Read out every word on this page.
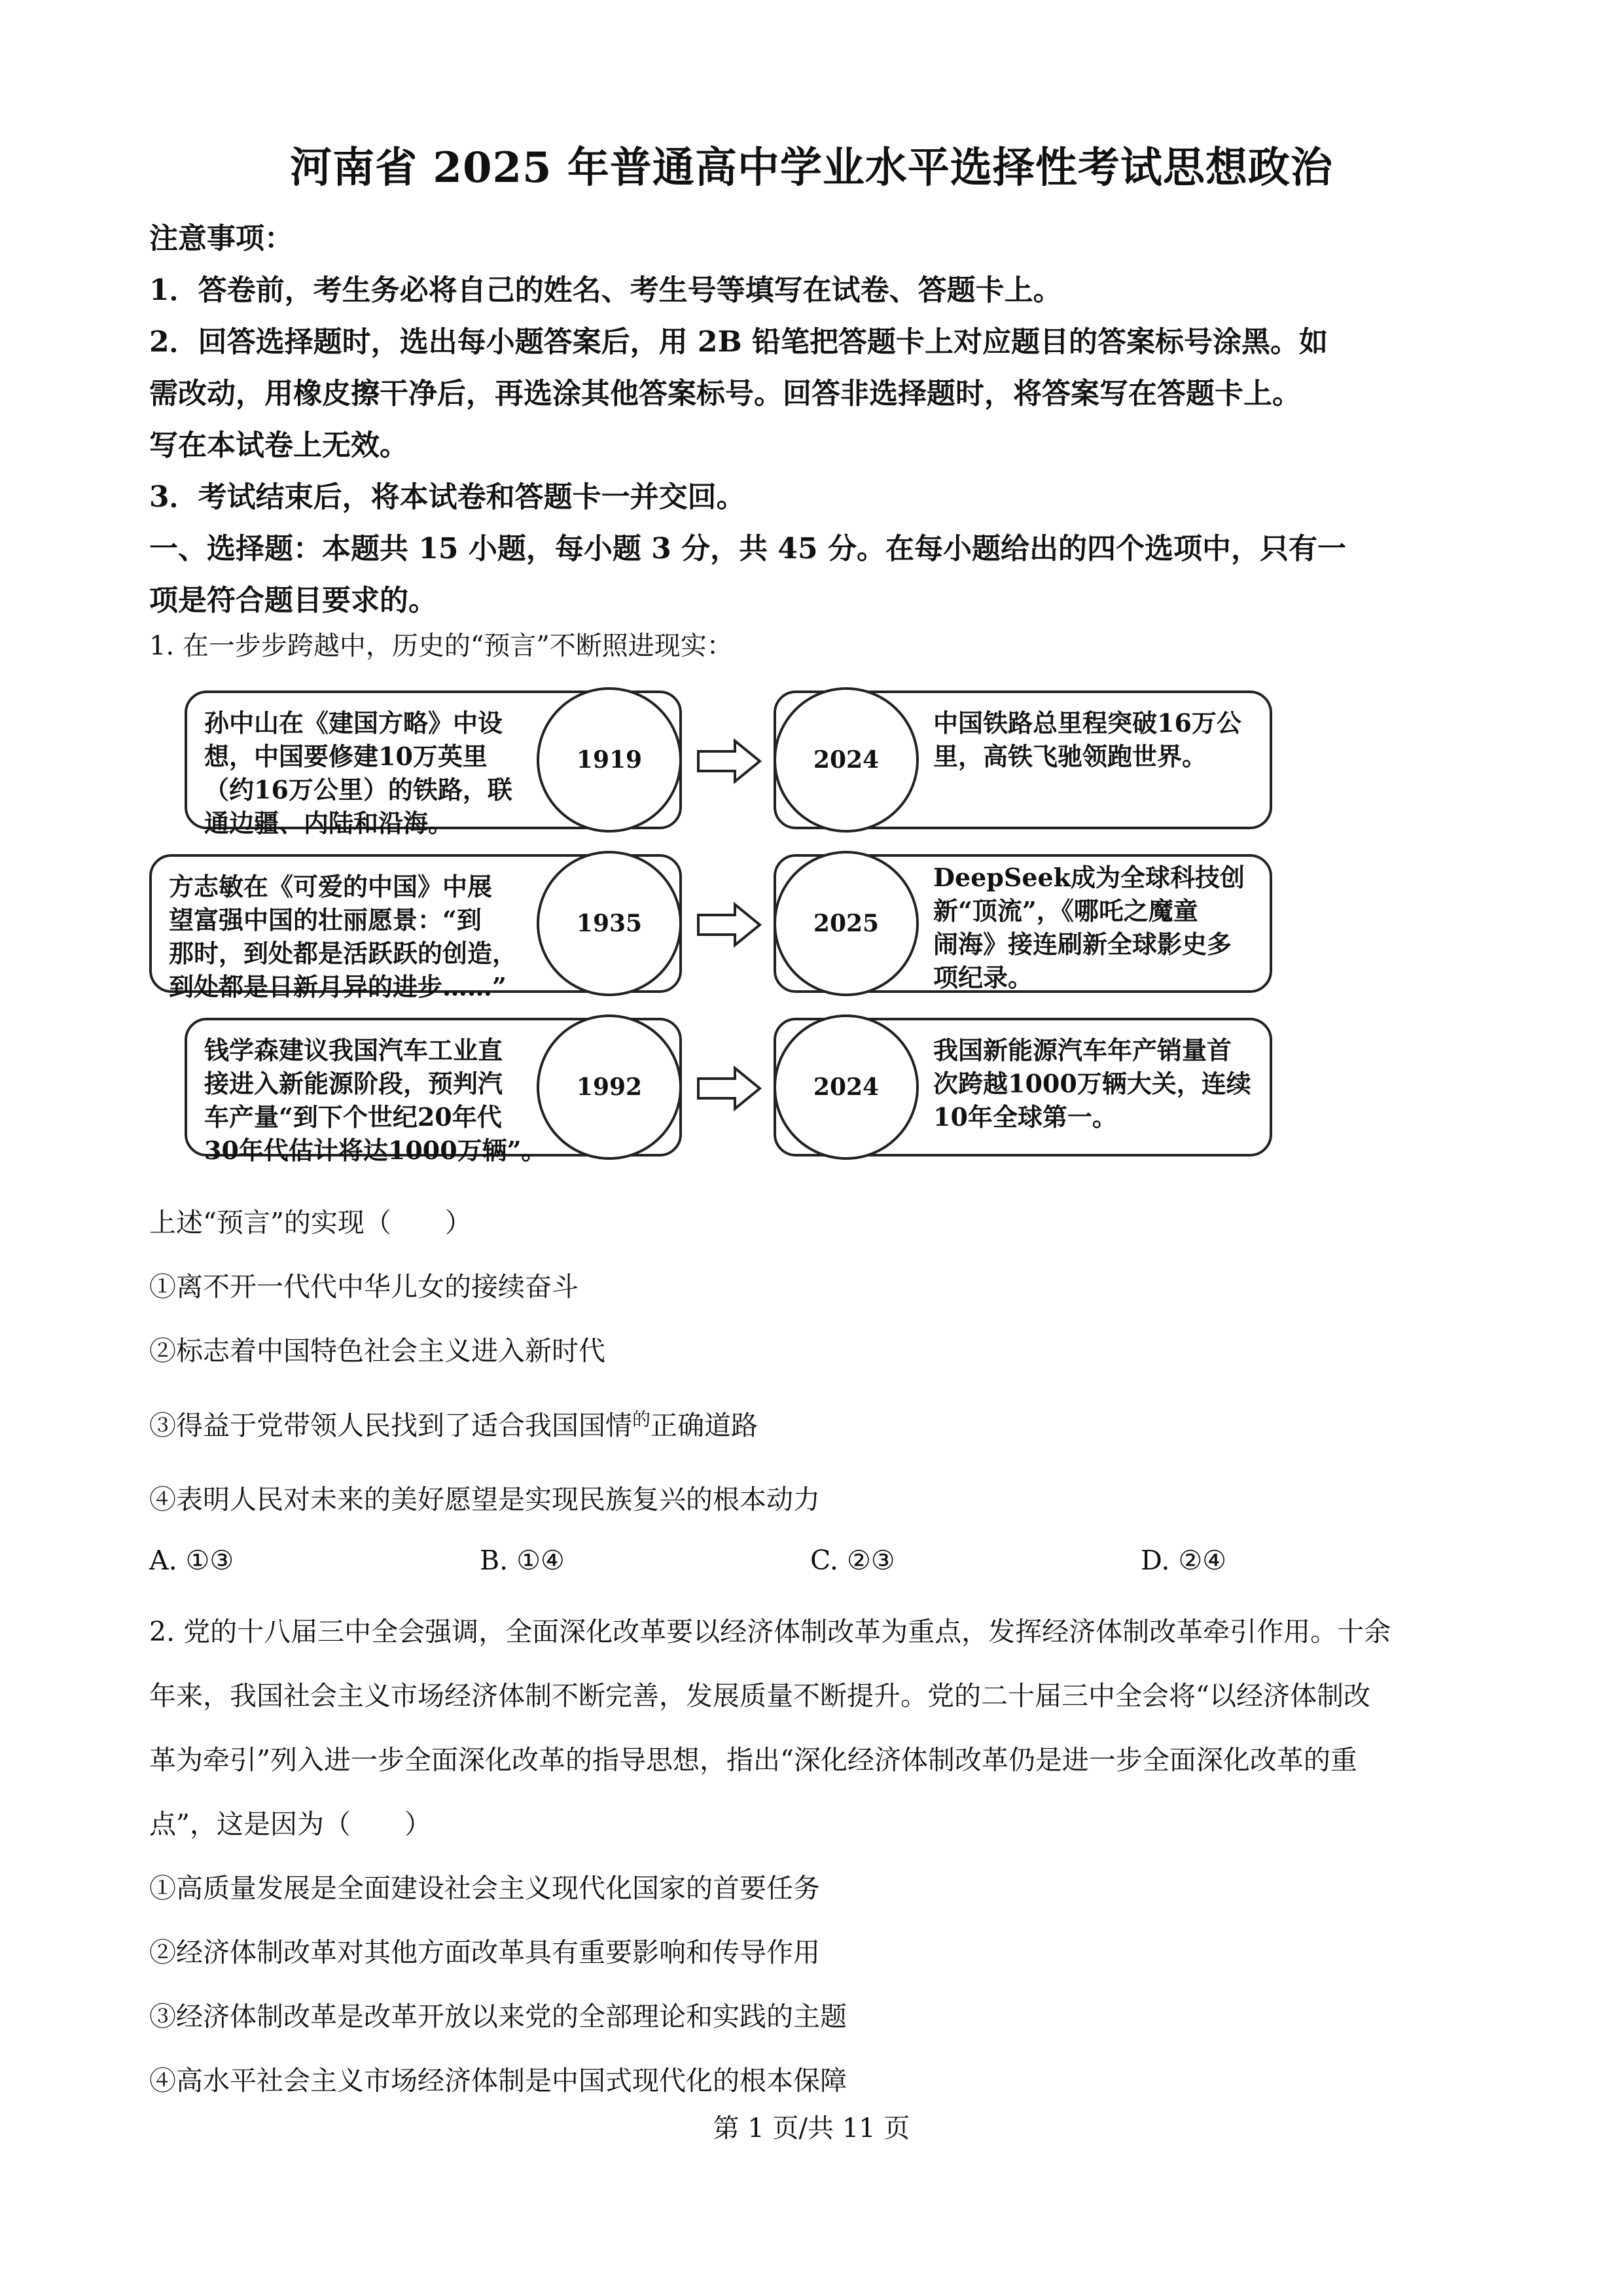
河南省 2025 年普通高中学业水平选择性考试思想政治
注意事项：
1．答卷前，考生务必将自己的姓名、考生号等填写在试卷、答题卡上。
2．回答选择题时，选出每小题答案后，用 2B 铅笔把答题卡上对应题目的答案标号涂黑。如
需改动，用橡皮擦干净后，再选涂其他答案标号。回答非选择题时，将答案写在答题卡上。
写在本试卷上无效。
3．考试结束后，将本试卷和答题卡一并交回。
一、选择题：本题共 15 小题，每小题 3 分，共 45 分。在每小题给出的四个选项中，只有一
项是符合题目要求的。
1. 在一步步跨越中，历史的“预言”不断照进现实：
孙中山在《建国方略》中设
想，中国要修建10万英里
（约16万公里）的铁路，联
通边疆、内陆和沿海。
1919
中国铁路总里程突破16万公
里，高铁飞驰领跑世界。
2024
方志敏在《可爱的中国》中展
望富强中国的壮丽愿景：“到
那时，到处都是活跃跃的创造，
到处都是日新月异的进步……”
1935
DeepSeek成为全球科技创
新“顶流”，《哪吒之魔童
闹海》接连刷新全球影史多
项纪录。
2025
钱学森建议我国汽车工业直
接进入新能源阶段，预判汽
车产量“到下个世纪20年代
30年代估计将达1000万辆”。
1992
我国新能源汽车年产销量首
次跨越1000万辆大关，连续
10年全球第一。
2024
上述“预言”的实现（　　）
①离不开一代代中华儿女的接续奋斗
②标志着中国特色社会主义进入新时代
③得益于党带领人民找到了适合我国国情$^的$正确道路
④表明人民对未来的美好愿望是实现民族复兴的根本动力
A. ①③	B. ①④	C. ②③	D. ②④
2. 党的十八届三中全会强调，全面深化改革要以经济体制改革为重点，发挥经济体制改革牵引作用。十余
年来，我国社会主义市场经济体制不断完善，发展质量不断提升。党的二十届三中全会将“以经济体制改
革为牵引”列入进一步全面深化改革的指导思想，指出“深化经济体制改革仍是进一步全面深化改革的重
点”，这是因为（　　）
①高质量发展是全面建设社会主义现代化国家的首要任务
②经济体制改革对其他方面改革具有重要影响和传导作用
③经济体制改革是改革开放以来党的全部理论和实践的主题
④高水平社会主义市场经济体制是中国式现代化的根本保障
第 1 页/共 11 页
